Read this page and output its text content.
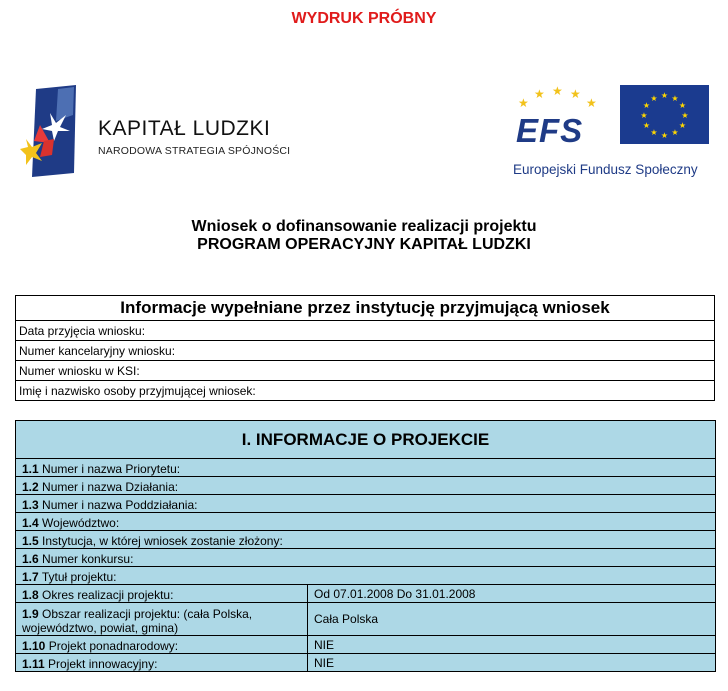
WYDRUK PRÓBNY
KAPITAŁ LUDZKI
NARODOWA STRATEGIA SPÓJNOŚCI
★
★ ★ ★
★
EFS
★ ★
★
★
★
★
★
★
★
★
★
★
Europejski Fundusz Społeczny
Wniosek o dofinansowanie realizacji projektu
PROGRAM OPERACYJNY KAPITAŁ LUDZKI
Informacje wypełniane przez instytucję przyjmującą wniosek
Data przyjęcia wniosku:
Numer kancelaryjny wniosku:
Numer wniosku w KSI:
Imię i nazwisko osoby przyjmującej wniosek:
I. INFORMACJE O PROJEKCIE	
1.1 Numer i nazwa Priorytetu:	
1.2 Numer i nazwa Działania:	
1.3 Numer i nazwa Poddziałania:	
1.4 Województwo:	
1.5 Instytucja, w której wniosek zostanie złożony:	
1.6 Numer konkursu:	
1.7 Tytuł projektu:	
1.8 Okres realizacji projektu:	Od 07.01.2008 Do 31.01.2008
1.9 Obszar realizacji projektu: (cała Polska, województwo, powiat, gmina)	Cała Polska
1.10 Projekt ponadnarodowy:	NIE
1.11 Projekt innowacyjny:	NIE
